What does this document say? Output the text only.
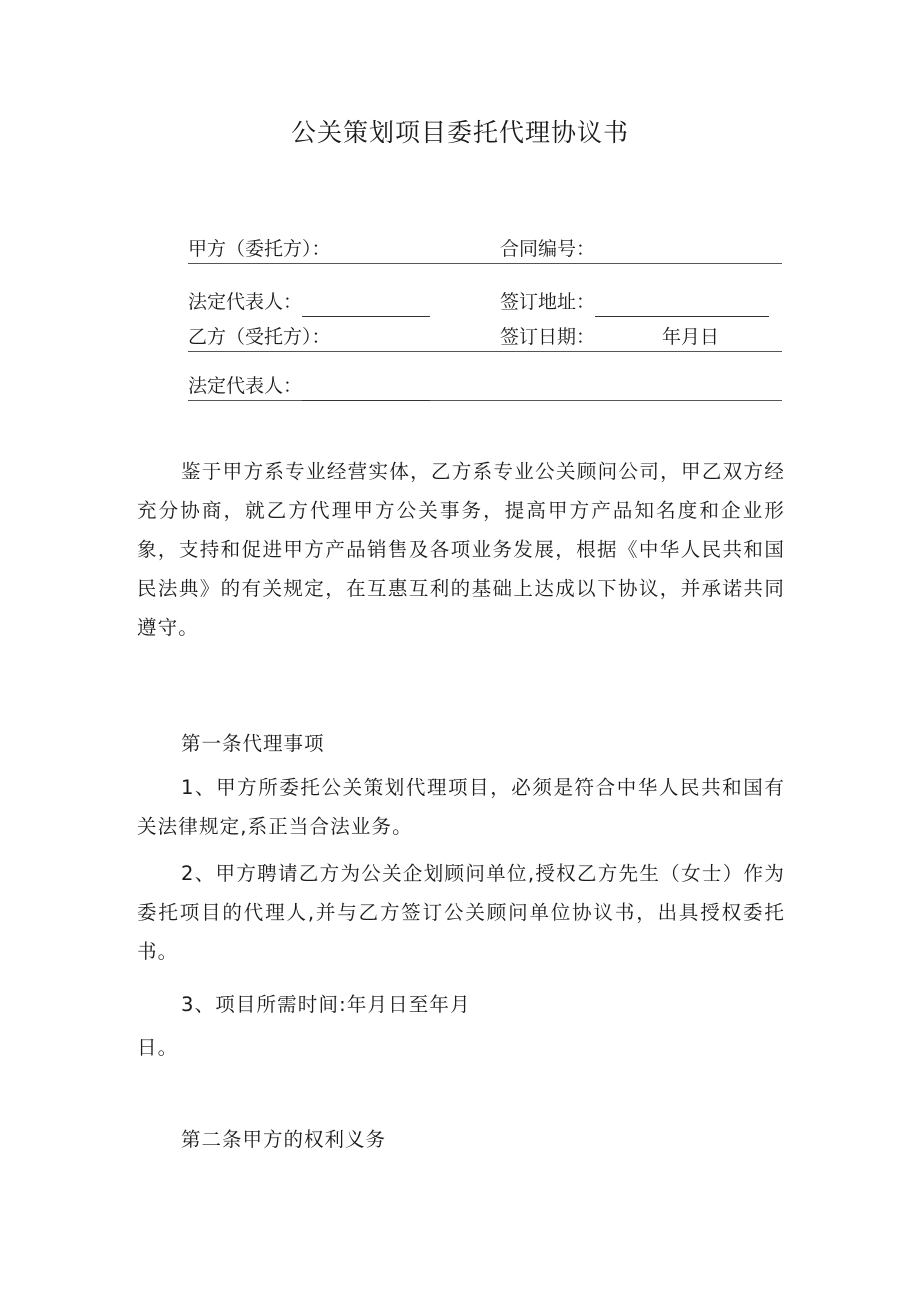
公关策划项目委托代理协议书
甲方（委托方）：	合同编号：
法定代表人：	签订地址：
乙方（受托方）：	签订日期：	年月日
法定代表人：

鉴于甲方系专业经营实体，乙方系专业公关顾问公司，甲乙双方经充分协商，就乙方代理甲方公关事务，提高甲方产品知名度和企业形象，支持和促进甲方产品销售及各项业务发展，根据《中华人民共和国民法典》的有关规定，在互惠互利的基础上达成以下协议，并承诺共同遵守。

第一条代理事项

1、甲方所委托公关策划代理项目，必须是符合中华人民共和国有关法律规定,系正当合法业务。

2、甲方聘请乙方为公关企划顾问单位,授权乙方先生（女士）作为委托项目的代理人,并与乙方签订公关顾问单位协议书，出具授权委托书。

3、项目所需时间:年月日至年月

日。

第二条甲方的权利义务
